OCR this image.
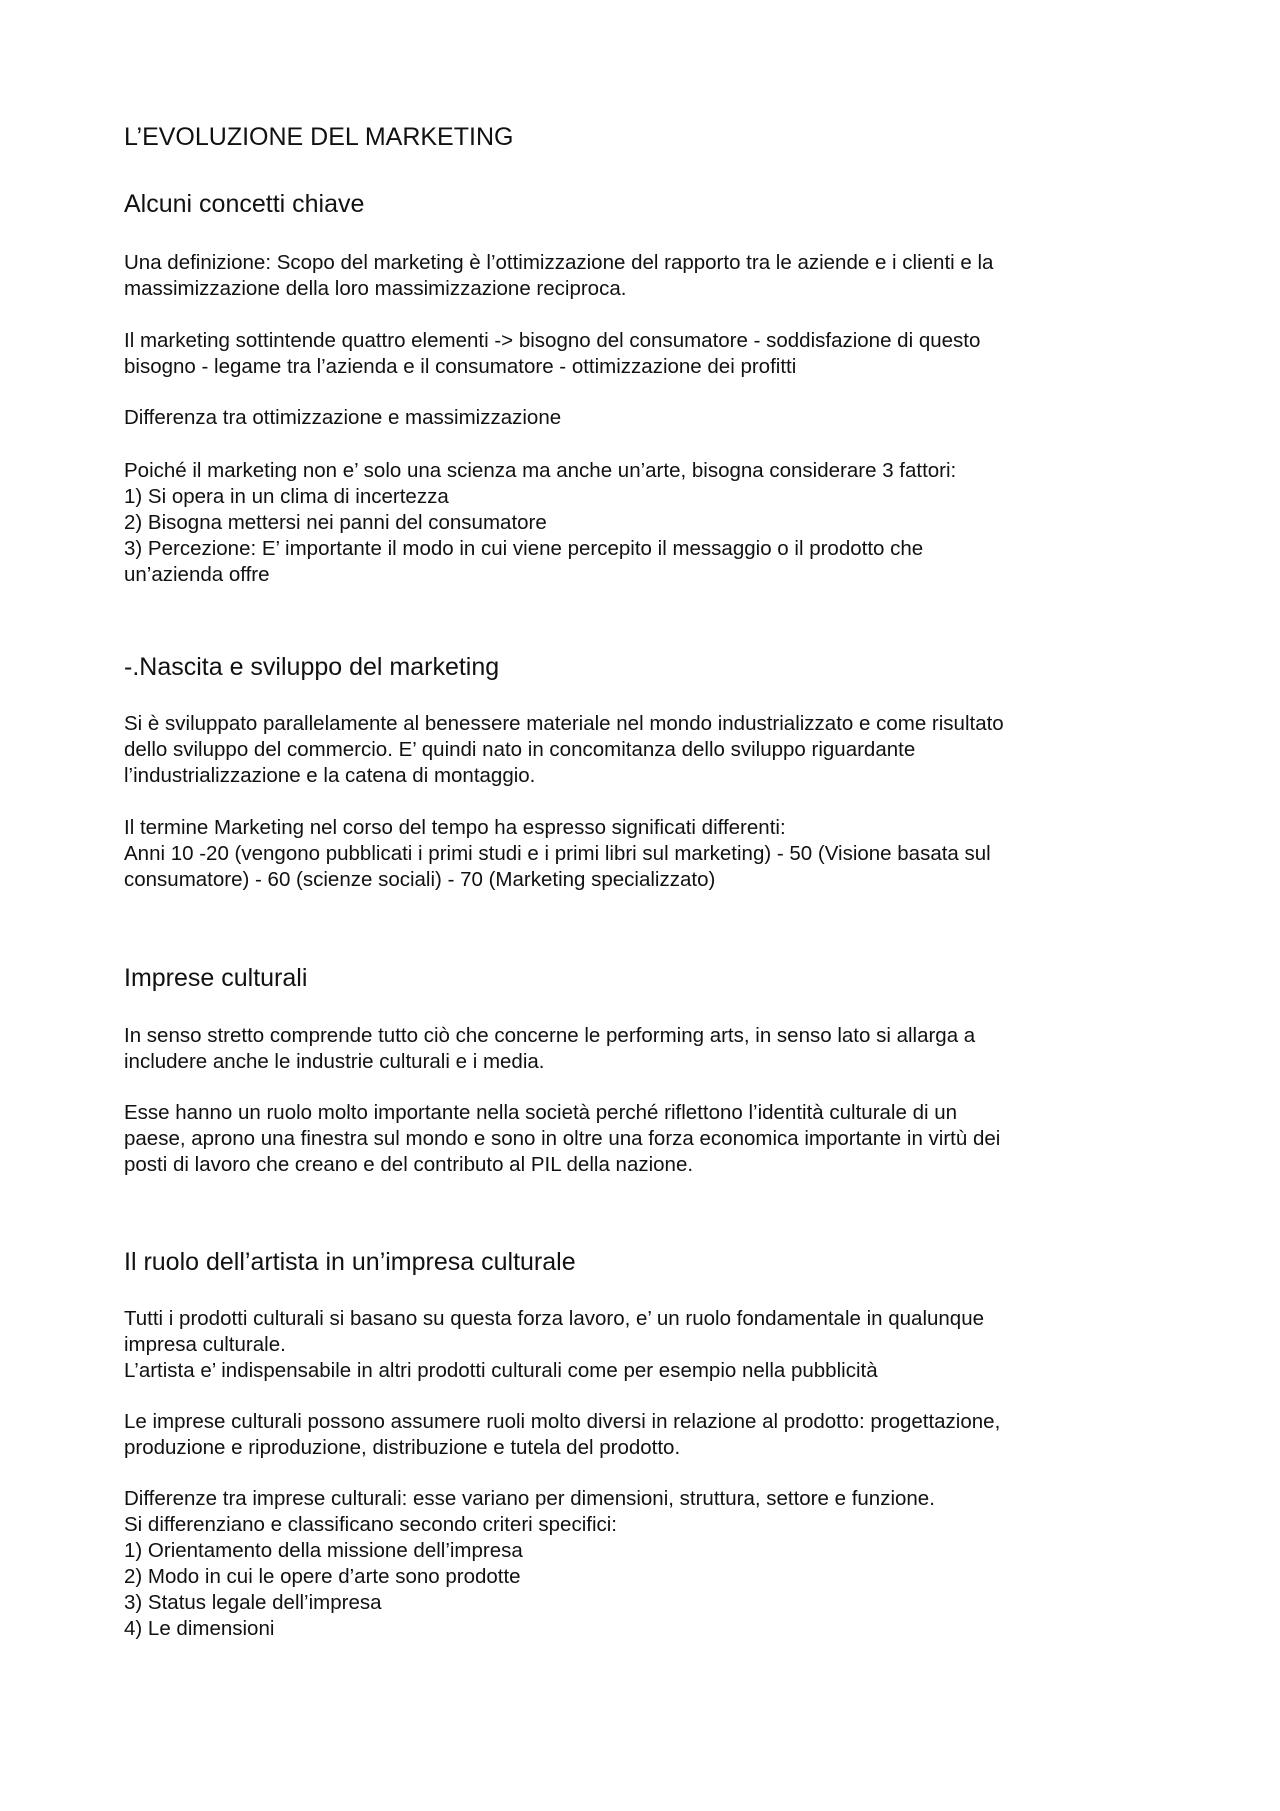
L’EVOLUZIONE DEL MARKETING
Alcuni concetti chiave
Una definizione: Scopo del marketing è l’ottimizzazione del rapporto tra le aziende e i clienti e la
massimizzazione della loro massimizzazione reciproca.
Il marketing sottintende quattro elementi -> bisogno del consumatore - soddisfazione di questo
bisogno - legame tra l’azienda e il consumatore - ottimizzazione dei profitti
Differenza tra ottimizzazione e massimizzazione
Poiché il marketing non e’ solo una scienza ma anche un’arte, bisogna considerare 3 fattori:
1) Si opera in un clima di incertezza
2) Bisogna mettersi nei panni del consumatore
3) Percezione: E’ importante il modo in cui viene percepito il messaggio o il prodotto che
un’azienda offre
-.Nascita e sviluppo del marketing
Si è sviluppato parallelamente al benessere materiale nel mondo industrializzato e come risultato
dello sviluppo del commercio. E’ quindi nato in concomitanza dello sviluppo riguardante
l’industrializzazione e la catena di montaggio.
Il termine Marketing nel corso del tempo ha espresso significati differenti:
Anni 10 -20 (vengono pubblicati i primi studi e i primi libri sul marketing) - 50 (Visione basata sul
consumatore) - 60 (scienze sociali) - 70 (Marketing specializzato)
Imprese culturali
In senso stretto comprende tutto ciò che concerne le performing arts, in senso lato si allarga a
includere anche le industrie culturali e i media.
Esse hanno un ruolo molto importante nella società perché riflettono l’identità culturale di un
paese, aprono una finestra sul mondo e sono in oltre una forza economica importante in virtù dei
posti di lavoro che creano e del contributo al PIL della nazione.
Il ruolo dell’artista in un’impresa culturale
Tutti i prodotti culturali si basano su questa forza lavoro, e’ un ruolo fondamentale in qualunque
impresa culturale.
L’artista e’ indispensabile in altri prodotti culturali come per esempio nella pubblicità
Le imprese culturali possono assumere ruoli molto diversi in relazione al prodotto: progettazione,
produzione e riproduzione, distribuzione e tutela del prodotto.
Differenze tra imprese culturali: esse variano per dimensioni, struttura, settore e funzione.
Si differenziano e classificano secondo criteri specifici:
1) Orientamento della missione dell’impresa
2) Modo in cui le opere d’arte sono prodotte
3) Status legale dell’impresa
4) Le dimensioni
